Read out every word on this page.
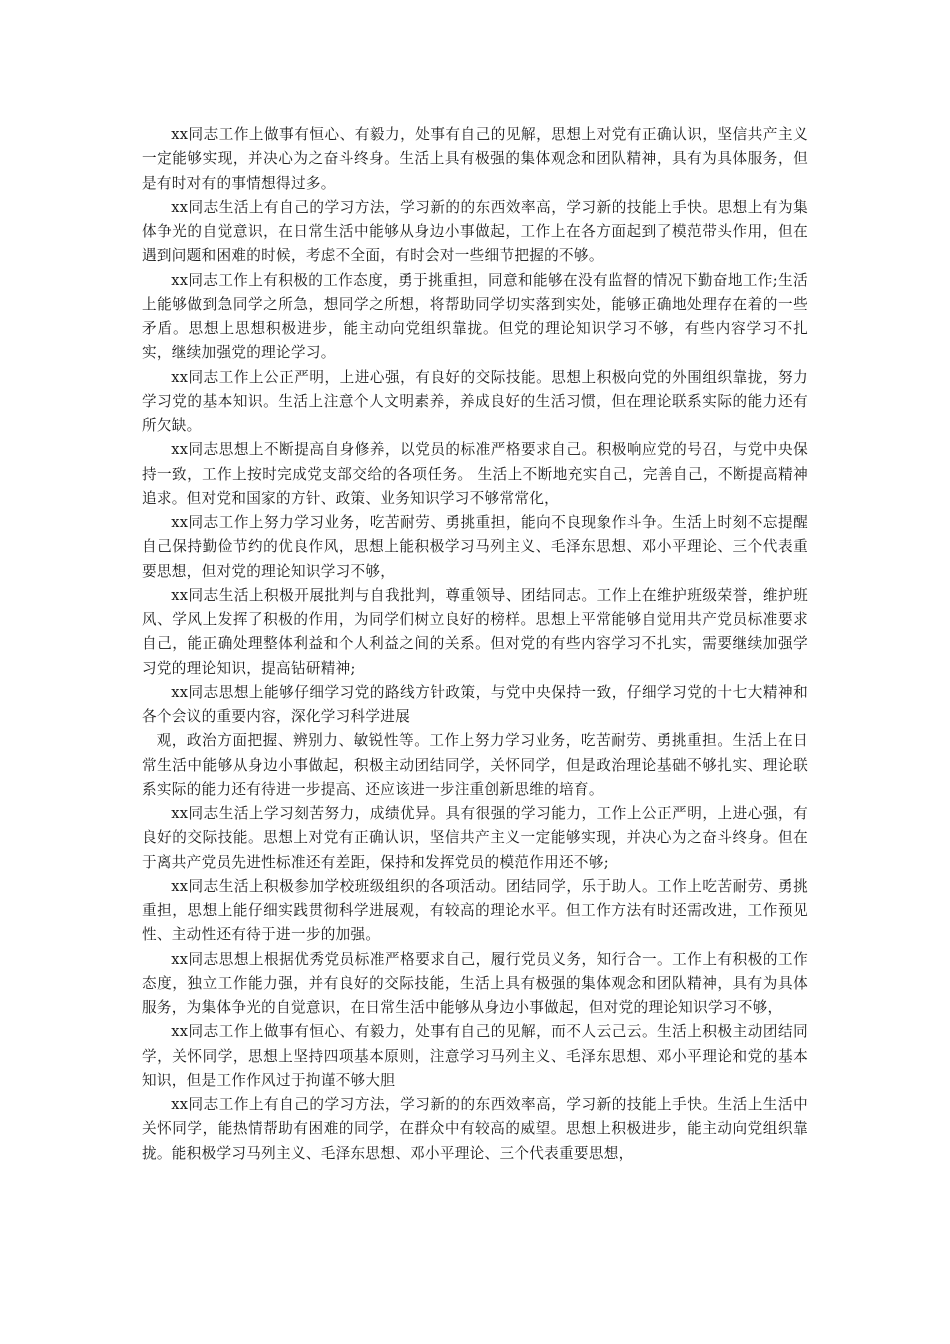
xx同志工作上做事有恒心、有毅力，处事有自己的见解，思想上对党有正确认识，坚信共产主义一定能够实现，并决心为之奋斗终身。生活上具有极强的集体观念和团队精神，具有为具体服务，但是有时对有的事情想得过多。

xx同志生活上有自己的学习方法，学习新的的东西效率高，学习新的技能上手快。思想上有为集体争光的自觉意识，在日常生活中能够从身边小事做起，工作上在各方面起到了模范带头作用，但在遇到问题和困难的时候，考虑不全面，有时会对一些细节把握的不够。

xx同志工作上有积极的工作态度，勇于挑重担，同意和能够在没有监督的情况下勤奋地工作;生活上能够做到急同学之所急，想同学之所想，将帮助同学切实落到实处，能够正确地处理存在着的一些矛盾。思想上思想积极进步，能主动向党组织靠拢。但党的理论知识学习不够，有些内容学习不扎实，继续加强党的理论学习。

xx同志工作上公正严明，上进心强，有良好的交际技能。思想上积极向党的外围组织靠拢，努力学习党的基本知识。生活上注意个人文明素养，养成良好的生活习惯，但在理论联系实际的能力还有所欠缺。

xx同志思想上不断提高自身修养，以党员的标准严格要求自己。积极响应党的号召，与党中央保持一致，工作上按时完成党支部交给的各项任务。 生活上不断地充实自己，完善自己，不断提高精神追求。但对党和国家的方针、政策、业务知识学习不够常常化，

xx同志工作上努力学习业务，吃苦耐劳、勇挑重担，能向不良现象作斗争。生活上时刻不忘提醒自己保持勤俭节约的优良作风，思想上能积极学习马列主义、毛泽东思想、邓小平理论、三个代表重要思想，但对党的理论知识学习不够，

xx同志生活上积极开展批判与自我批判，尊重领导、团结同志。工作上在维护班级荣誉，维护班风、学风上发挥了积极的作用，为同学们树立良好的榜样。思想上平常能够自觉用共产党员标准要求自己，能正确处理整体利益和个人利益之间的关系。但对党的有些内容学习不扎实，需要继续加强学习党的理论知识，提高钻研精神;

xx同志思想上能够仔细学习党的路线方针政策，与党中央保持一致，仔细学习党的十七大精神和各个会议的重要内容，深化学习科学进展

观，政治方面把握、辨别力、敏锐性等。工作上努力学习业务，吃苦耐劳、勇挑重担。生活上在日常生活中能够从身边小事做起，积极主动团结同学，关怀同学，但是政治理论基础不够扎实、理论联系实际的能力还有待进一步提高、还应该进一步注重创新思维的培育。

xx同志生活上学习刻苦努力，成绩优异。具有很强的学习能力，工作上公正严明，上进心强，有良好的交际技能。思想上对党有正确认识，坚信共产主义一定能够实现，并决心为之奋斗终身。但在于离共产党员先进性标准还有差距，保持和发挥党员的模范作用还不够;

xx同志生活上积极参加学校班级组织的各项活动。团结同学，乐于助人。工作上吃苦耐劳、勇挑重担，思想上能仔细实践贯彻科学进展观，有较高的理论水平。但工作方法有时还需改进，工作预见性、主动性还有待于进一步的加强。

xx同志思想上根据优秀党员标准严格要求自己，履行党员义务，知行合一。工作上有积极的工作态度，独立工作能力强，并有良好的交际技能，生活上具有极强的集体观念和团队精神，具有为具体服务，为集体争光的自觉意识，在日常生活中能够从身边小事做起，但对党的理论知识学习不够，

xx同志工作上做事有恒心、有毅力，处事有自己的见解，而不人云己云。生活上积极主动团结同学，关怀同学，思想上坚持四项基本原则，注意学习马列主义、毛泽东思想、邓小平理论和党的基本知识，但是工作作风过于拘谨不够大胆

xx同志工作上有自己的学习方法，学习新的的东西效率高，学习新的技能上手快。生活上生活中关怀同学，能热情帮助有困难的同学，在群众中有较高的威望。思想上积极进步，能主动向党组织靠拢。能积极学习马列主义、毛泽东思想、邓小平理论、三个代表重要思想，
